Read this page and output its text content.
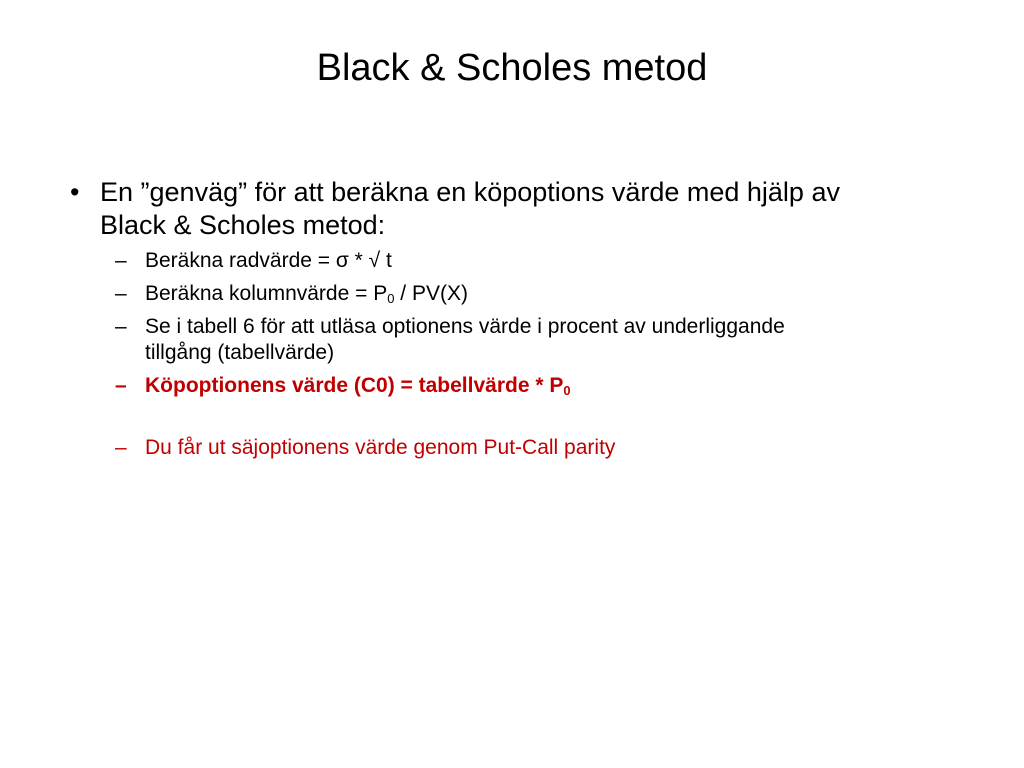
Black & Scholes metod
• En ”genväg” för att beräkna en köpoptions värde med hjälp av
Black & Scholes metod:
– Beräkna radvärde = σ * √ t
– Beräkna kolumnvärde = $P_0 / PV(X)$
– Se i tabell 6 för att utläsa optionens värde i procent av underliggande
tillgång (tabellvärde)
– Köpoptionens värde (C0) = tabellvärde * $P_0$
– Du får ut säjoptionens värde genom Put-Call parity
